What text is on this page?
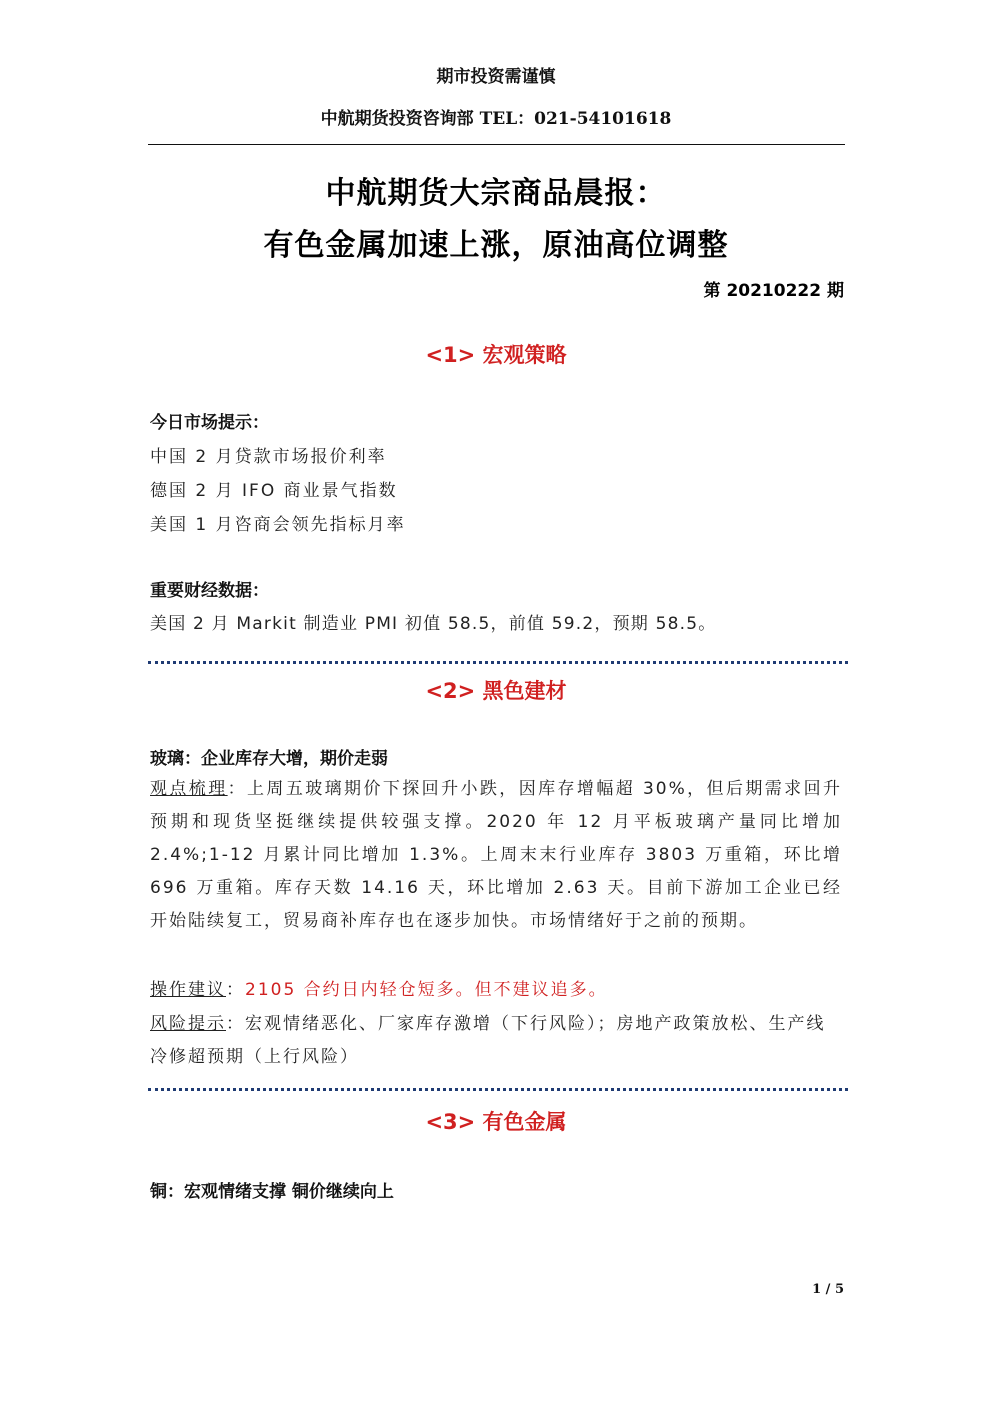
期市投资需谨慎
中航期货投资咨询部 TEL：021-54101618
中航期货大宗商品晨报：
有色金属加速上涨，原油高位调整
第 20210222 期
<1> 宏观策略
今日市场提示：
中国 2 月贷款市场报价利率
德国 2 月 IFO 商业景气指数
美国 1 月咨商会领先指标月率
重要财经数据：
美国 2 月 Markit 制造业 PMI 初值 58.5，前值 59.2，预期 58.5。
<2> 黑色建材
玻璃：企业库存大增，期价走弱
观点梳理：上周五玻璃期价下探回升小跌，因库存增幅超 30%，但后期需求回升预期和现货坚挺继续提供较强支撑。2020 年 12 月平板玻璃产量同比增加 2.4%;1-12 月累计同比增加 1.3%。上周末末行业库存 3803 万重箱，环比增 696 万重箱。库存天数 14.16 天，环比增加 2.63 天。目前下游加工企业已经开始陆续复工，贸易商补库存也在逐步加快。市场情绪好于之前的预期。
操作建议：2105 合约日内轻仓短多。但不建议追多。
风险提示：宏观情绪恶化、厂家库存激增（下行风险）；房地产政策放松、生产线冷修超预期（上行风险）
<3> 有色金属
铜：宏观情绪支撑 铜价继续向上
1 / 5
